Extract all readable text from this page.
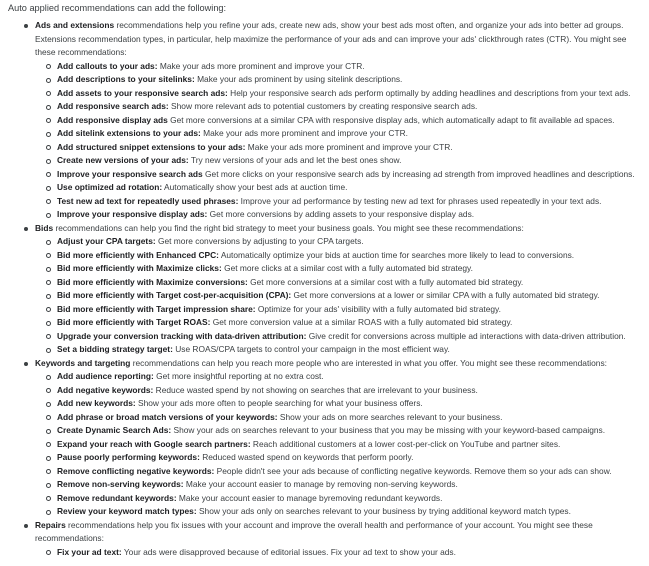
Auto applied recommendations can add the following:
Ads and extensions recommendations help you refine your ads, create new ads, show your best ads most often, and organize your ads into better ad groups. Extensions recommendation types, in particular, help maximize the performance of your ads and can improve your ads' clickthrough rates (CTR). You might see these recommendations:
Add callouts to your ads: Make your ads more prominent and improve your CTR.
Add descriptions to your sitelinks: Make your ads prominent by using sitelink descriptions.
Add assets to your responsive search ads: Help your responsive search ads perform optimally by adding headlines and descriptions from your text ads.
Add responsive search ads: Show more relevant ads to potential customers by creating responsive search ads.
Add responsive display ads Get more conversions at a similar CPA with responsive display ads, which automatically adapt to fit available ad spaces.
Add sitelink extensions to your ads: Make your ads more prominent and improve your CTR.
Add structured snippet extensions to your ads: Make your ads more prominent and improve your CTR.
Create new versions of your ads: Try new versions of your ads and let the best ones show.
Improve your responsive search ads Get more clicks on your responsive search ads by increasing ad strength from improved headlines and descriptions.
Use optimized ad rotation: Automatically show your best ads at auction time.
Test new ad text for repeatedly used phrases: Improve your ad performance by testing new ad text for phrases used repeatedly in your text ads.
Improve your responsive display ads: Get more conversions by adding assets to your responsive display ads.
Bids recommendations can help you find the right bid strategy to meet your business goals. You might see these recommendations:
Adjust your CPA targets: Get more conversions by adjusting to your CPA targets.
Bid more efficiently with Enhanced CPC: Automatically optimize your bids at auction time for searches more likely to lead to conversions.
Bid more efficiently with Maximize clicks: Get more clicks at a similar cost with a fully automated bid strategy.
Bid more efficiently with Maximize conversions: Get more conversions at a similar cost with a fully automated bid strategy.
Bid more efficiently with Target cost-per-acquisition (CPA): Get more conversions at a lower or similar CPA with a fully automated bid strategy.
Bid more efficiently with Target impression share: Optimize for your ads' visibility with a fully automated bid strategy.
Bid more efficiently with Target ROAS: Get more conversion value at a similar ROAS with a fully automated bid strategy.
Upgrade your conversion tracking with data-driven attribution: Give credit for conversions across multiple ad interactions with data-driven attribution.
Set a bidding strategy target: Use ROAS/CPA targets to control your campaign in the most efficient way.
Keywords and targeting recommendations can help you reach more people who are interested in what you offer. You might see these recommendations:
Add audience reporting: Get more insightful reporting at no extra cost.
Add negative keywords: Reduce wasted spend by not showing on searches that are irrelevant to your business.
Add new keywords: Show your ads more often to people searching for what your business offers.
Add phrase or broad match versions of your keywords: Show your ads on more searches relevant to your business.
Create Dynamic Search Ads: Show your ads on searches relevant to your business that you may be missing with your keyword-based campaigns.
Expand your reach with Google search partners: Reach additional customers at a lower cost-per-click on YouTube and partner sites.
Pause poorly performing keywords: Reduced wasted spend on keywords that perform poorly.
Remove conflicting negative keywords: People didn't see your ads because of conflicting negative keywords. Remove them so your ads can show.
Remove non-serving keywords: Make your account easier to manage by removing non-serving keywords.
Remove redundant keywords: Make your account easier to manage byremoving redundant keywords.
Review your keyword match types: Show your ads only on searches relevant to your business by trying additional keyword match types.
Repairs recommendations help you fix issues with your account and improve the overall health and performance of your account. You might see these recommendations:
Fix your ad text: Your ads were disapproved because of editorial issues. Fix your ad text to show your ads.
